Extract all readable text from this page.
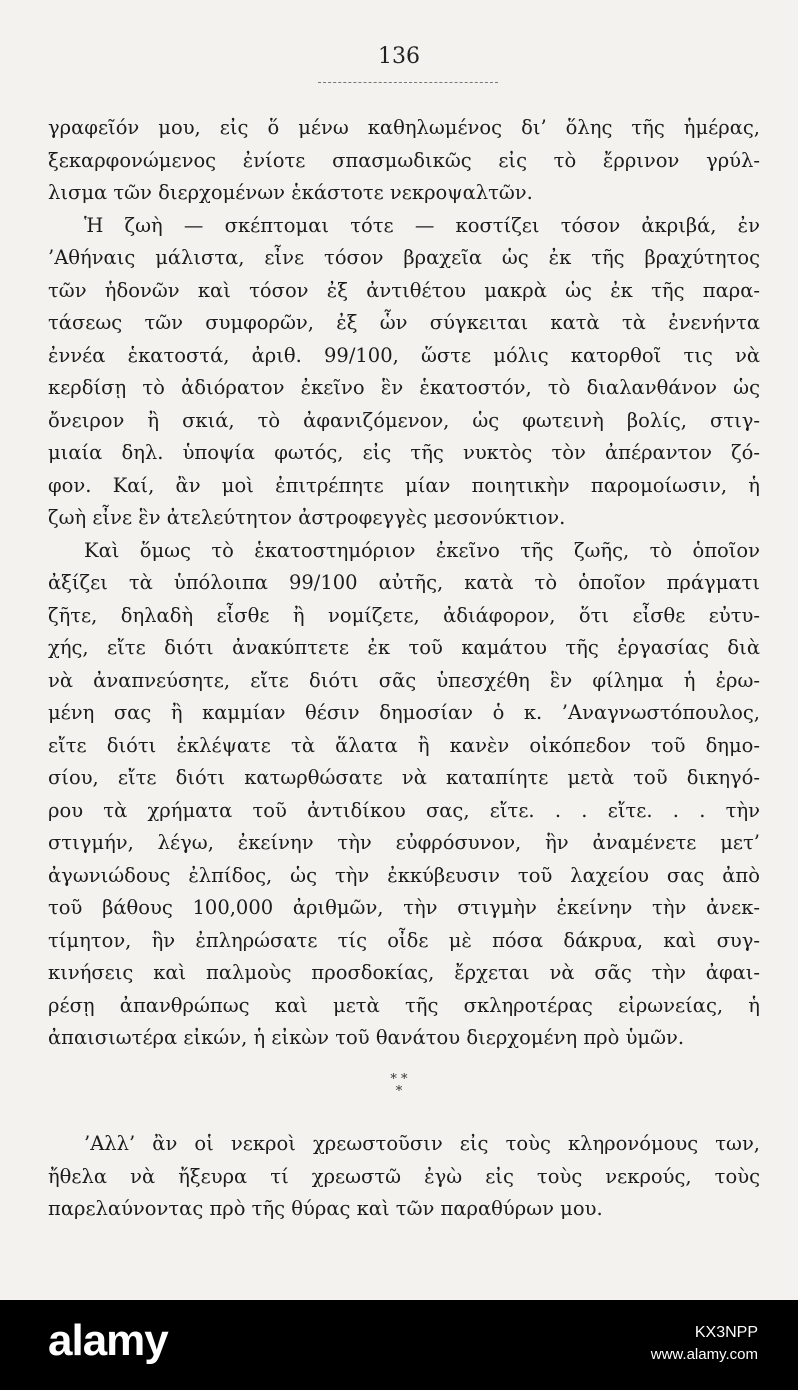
136
γραφεῖόν μου, εἰς ὅ μένω καθηλωμένος δι’ ὅλης τῆς ἡμέρας,
ξεκαρφονώμενος ἐνίοτε σπασμωδικῶς εἰς τὸ ἔρρινον γρύλ-
λισμα τῶν διερχομένων ἑκάστοτε νεκροψαλτῶν.
Ἡ ζωὴ — σκέπτομαι τότε — κοστίζει τόσον ἀκριβά, ἐν
’Αθήναις μάλιστα, εἶνε τόσον βραχεῖα ὡς ἐκ τῆς βραχύτητος
τῶν ἡδονῶν καὶ τόσον ἐξ ἀντιθέτου μακρὰ ὡς ἐκ τῆς παρα-
τάσεως τῶν συμφορῶν, ἐξ ὧν σύγκειται κατὰ τὰ ἐνενήντα
ἐννέα ἑκατοστά, ἀριθ. 99/100, ὥστε μόλις κατορθοῖ τις νὰ
κερδίσῃ τὸ ἀδιόρατον ἐκεῖνο ἓν ἑκατοστόν, τὸ διαλανθάνον ὡς
ὄνειρον ἢ σκιά, τὸ ἀφανιζόμενον, ὡς φωτεινὴ βολίς, στιγ-
μιαία δηλ. ὑποψία φωτός, εἰς τῆς νυκτὸς τὸν ἀπέραντον ζό-
φον. Καί, ἂν μοὶ ἐπιτρέπητε μίαν ποιητικὴν παρομοίωσιν, ἡ
ζωὴ εἶνε ἓν ἀτελεύτητον ἀστροφεγγὲς μεσονύκτιον.
Καὶ ὅμως τὸ ἑκατοστημόριον ἐκεῖνο τῆς ζωῆς, τὸ ὁποῖον
ἀξίζει τὰ ὑπόλοιπα 99/100 αὐτῆς, κατὰ τὸ ὁποῖον πράγματι
ζῆτε, δηλαδὴ εἶσθε ἢ νομίζετε, ἀδιάφορον, ὅτι εἶσθε εὐτυ-
χής, εἴτε διότι ἀνακύπτετε ἐκ τοῦ καμάτου τῆς ἐργασίας διὰ
νὰ ἀναπνεύσητε, εἴτε διότι σᾶς ὑπεσχέθη ἓν φίλημα ἡ ἐρω-
μένη σας ἢ καμμίαν θέσιν δημοσίαν ὁ κ. ’Αναγνωστόπουλος,
εἴτε διότι ἐκλέψατε τὰ ἅλατα ἢ κανὲν οἰκόπεδον τοῦ δημο-
σίου, εἴτε διότι κατωρθώσατε νὰ καταπίητε μετὰ τοῦ δικηγό-
ρου τὰ χρήματα τοῦ ἀντιδίκου σας, εἴτε. . . εἴτε. . . τὴν
στιγμήν, λέγω, ἐκείνην τὴν εὐφρόσυνον, ἣν ἀναμένετε μετ’
ἀγωνιώδους ἐλπίδος, ὡς τὴν ἐκκύβευσιν τοῦ λαχείου σας ἀπὸ
τοῦ βάθους 100,000 ἀριθμῶν, τὴν στιγμὴν ἐκείνην τὴν ἀνεκ-
τίμητον, ἣν ἐπληρώσατε τίς οἶδε μὲ πόσα δάκρυα, καὶ συγ-
κινήσεις καὶ παλμοὺς προσδοκίας, ἔρχεται νὰ σᾶς τὴν ἀφαι-
ρέσῃ ἀπανθρώπως καὶ μετὰ τῆς σκληροτέρας εἰρωνείας, ἡ
ἀπαισιωτέρα εἰκών, ἡ εἰκὼν τοῦ θανάτου διερχομένη πρὸ ὑμῶν.
* *
*
’Αλλ’ ἂν οἱ νεκροὶ χρεωστοῦσιν εἰς τοὺς κληρονόμους των,
ἤθελα νὰ ἤξευρα τί χρεωστῶ ἐγὼ εἰς τοὺς νεκρούς, τοὺς
παρελαύνοντας πρὸ τῆς θύρας καὶ τῶν παραθύρων μου.
alamy	KX3NPP
www.alamy.com
